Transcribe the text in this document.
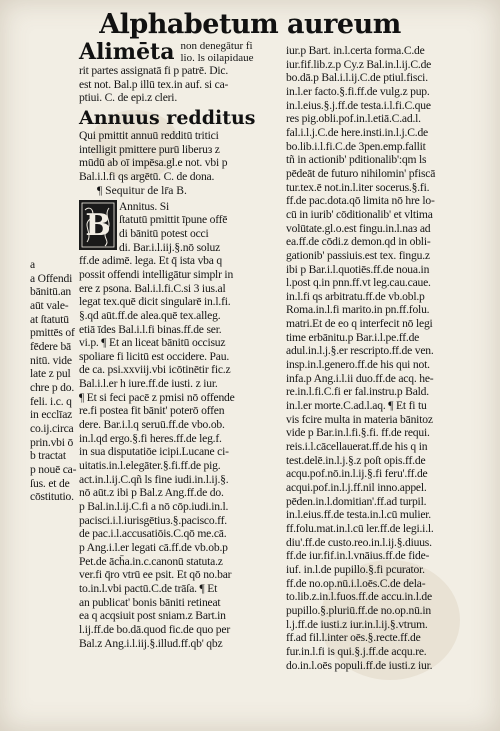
Alphabetum aureum
Alimēta non denegātur fi
lio. ls oilapidaue
rit partes assignatā fi p patrē. Dic.
est not. Bal.p illū tex.in auf. si ca-
ptiui. C. de epi.z cleri.
Annuus redditus
Qui pmittit annuū redditū tritici
intelligit pmittere purū liberuз z
mūdū ab oī impēsa.gl.e not. vbi p
Bal.i.l.fi qs argētū. C. de dona.
¶ Sequitur de lr̄a B.
B
Annitus. Si
ſtatutū pmittit īpune offē
di bānitū potest occi
di. Bar.i.l.iij.§.nō soluz
ff.de adimē. lega. Et q̄ ista vba q
possit offendi intelligātur simplr in
ere z psona. Bal.i.l.fi.C.si 3 ius.al
legat tex.quē dicit singularē in.l.fi.
§.qd aūt.ff.de alea.quē tex.alleg.
etiā īdes Bal.i.l.fi binas.ff.de ser.
vi.p. ¶ Et an liceat bānitū occisuz
spoliare fi licitū est occidere. Pau.
de ca. psi.xxviij.vbi icōtinētir fic.z
Bal.i.l.er h iure.ff.de iusti. z iur.
¶ Et si feci pacē z pmisi nō offende
re.fi postea fit bānit' poterō offen
dere. Bar.i.l.q seruū.ff.de vbo.ob.
in.l.qd ergo.§.fi heres.ff.de leg.f.
in sua disputatiōe icipi.Lucane ci-
uitatis.in.l.elegāter.§.fi.ff.de pig.
act.in.l.ij.C.qñ ls fine iudi.in.l.ij.§.
nō aūt.z ibi p Bal.z Ang.ff.de do.
p Bal.in.l.ij.C.fi a nō cōp.iudi.in.l.
pacisci.i.l.iurisgētiuз.§.pacisco.ff.
de pac.i.l.accusatiōis.C.qō me.cā.
p Ang.i.l.er legati cā.ff.de vb.ob.p
Pet.de āch̄a.in.c.canonū statuta.z
ver.fi q̄ro vtrū ee psit. Et qō no.bar
to.in.l.vbi pactū.C.de trāſa. ¶ Et
an publicat' bonis bāniti retineat
ea q acqsiuit post sniam.z Bart.in
l.ij.ff.de bo.dā.quod fic.de quo per
Bal.z Ang.i.l.iij.§.illud.ff.qb' qbz
a
a Offendi
bānitū.an
aūt vale-
at ſtatutū
pmittēs of
fēdere bā
nitū. vide
late z pul
chre p do.
feli. i.c. q
in ecclīaz
co.ij.circa
prin.vbi ō
b tractat
p nouē ca-
ſus. et de
cōstitutio.
iur.p Bart. in.l.certa forma.C.de
iur.fif.lib.z.p Cy.z Bal.in.l.ij.C.de
bo.dā.p Bal.i.l.ij.C.de ptiul.fisci.
in.l.er facto.§.fi.ff.de vulg.z pup.
in.l.eius.§.j.ff.de testa.i.l.fi.C.que
res pig.obli.pof.in.l.etiā.C.ad.l.
fal.i.l.j.C.de here.insti.in.l.j.C.de
bo.lib.i.l.fi.C.de 3pen.emp.fallit
tñ in actionib' pditionalib':qm ls
pēdeāt de futuro nihilomin' pfiscā
tur.tex.ē not.in.l.iter socerus.§.fi.
ff.de pac.dota.qō limita nō hre lo-
cū in iurib' cōditionalib' et vltima
volūtate.gl.o.est fingu.in.l.naз ad
ea.ff.de cōdi.z demon.qd in obli-
gationib' passiuis.est tex. fingu.z
ibi p Bar.i.l.quotiēs.ff.de noua.in
l.post q.in pnn.ff.vt leg.cau.caue.
in.l.fi qs arbitratu.ff.de vb.obl.p
Roma.in.l.fi marito.in pn.ff.folu.
matri.Et de eo q interfecit nō legi
time erbānitu.p Bar.i.l.pe.ff.de
adul.in.l.j.§.er rescripto.ff.de ven.
insp.in.l.genero.ff.de his qui not.
infa.p Ang.i.l.ii duo.ff.de acq. he-
re.in.l.fi.C.fi er fal.instru.p Bald.
in.l.er morte.C.ad.l.aq. ¶ Et fi tu
vis fcire multa in materia bānitoz
vide p Bar.in.l.fi.§.fi. ff.de requi.
reis.i.l.cācellauerat.ff.de his q in
test.delē.in.l.j.§.z poſt opis.ff.de
acqu.pof.nō.in.l.ij.§.fi feru'.ff.de
acqui.pof.in.l.j.ff.nil inno.appel.
pēden.in.l.domitian'.ff.ad turpil.
in.l.eius.ff.de testa.in.l.cū mulier.
ff.folu.mat.in.l.cū ler.ff.de legi.i.l.
diu'.ff.de custo.reo.in.l.ij.§.diuus.
ff.de iur.fif.in.l.vnāius.ff.de fide-
iuf. in.l.de pupillo.§.fi pcurator.
ff.de no.op.nū.i.l.oēs.C.de dela-
to.lib.z.in.l.fuos.ff.de accu.in.l.de
pupillo.§.pluriū.ff.de no.op.nū.in
l.j.ff.de iusti.z iur.in.l.ij.§.vtrum.
ff.ad fil.l.inter oēs.§.recte.ff.de
fur.in.l.fi is qui.§.j.ff.de acqu.re.
do.in.l.oēs populi.ff.de iusti.z iur.
